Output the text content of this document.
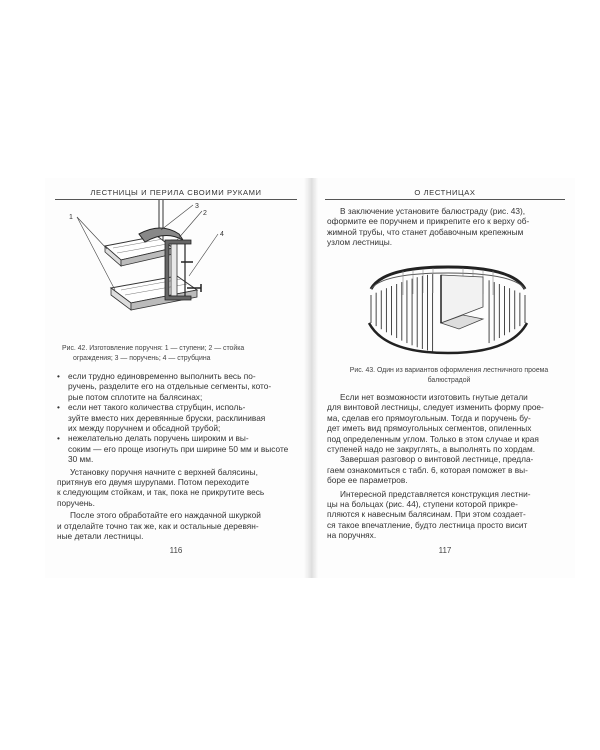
ЛЕСТНИЦЫ И ПЕРИЛА СВОИМИ РУКАМИ
1
2
3
4
Рис. 42. Изготовление поручня: 1 — ступени; 2 — стойка
ограждения; 3 — поручень; 4 — струбцина
• если трудно единовременно выполнить весь по-
ручень, разделите его на отдельные сегменты, кото-
рые потом сплотите на балясинах;
• если нет такого количества струбцин, исполь-
зуйте вместо них деревянные бруски, расклинивая
их между поручнем и обсадной трубой;
• нежелательно делать поручень широким и вы-
соким — его проще изогнуть при ширине 50 мм и высоте
30 мм.

Установку поручня начните с верхней балясины,
притянув его двумя шурупами. Потом переходите
к следующим стойкам, и так, пока не прикрутите весь
поручень.

После этого обработайте его наждачной шкуркой
и отделайте точно так же, как и остальные деревян-
ные детали лестницы.

116
О ЛЕСТНИЦАХ

В заключение установите балюстраду (рис. 43),
оформите ее поручнем и прикрепите его к верху об-
жимной трубы, что станет добавочным крепежным
узлом лестницы.

Рис. 43. Один из вариантов оформления лестничного проема
балюстрадой

Если нет возможности изготовить гнутые детали
для винтовой лестницы, следует изменить форму прое-
ма, сделав его прямоугольным. Тогда и поручень бу-
дет иметь вид прямоугольных сегментов, опиленных
под определенным углом. Только в этом случае и края
ступеней надо не закруглять, а выполнять по хордам.

Завершая разговор о винтовой лестнице, предла-
гаем ознакомиться с табл. 6, которая поможет в вы-
боре ее параметров.

Интересной представляется конструкция лестни-
цы на больцах (рис. 44), ступени которой прикре-
пляются к навесным балясинам. При этом создает-
ся такое впечатление, будто лестница просто висит
на поручнях.

117
